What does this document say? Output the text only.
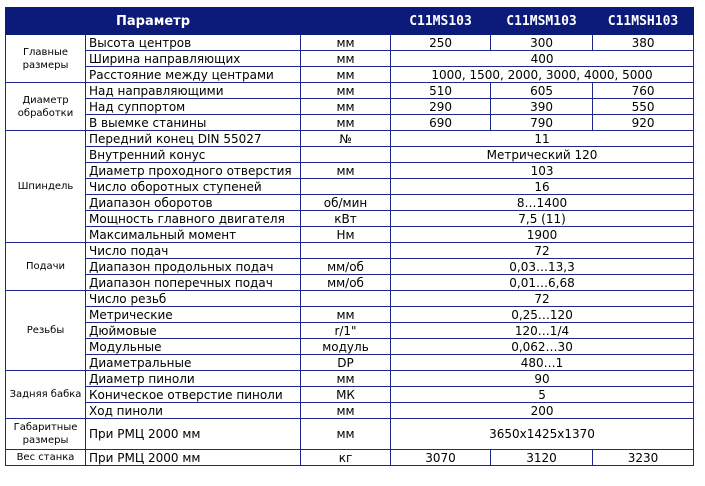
Параметр			C11MS103	C11MSM103	C11MSH103
Главные размеры	Высота центров	мм	250	300	380
	Ширина направляющих	мм	400		
	Расстояние между центрами	мм	1000, 1500, 2000, 3000, 4000, 5000		
Диаметр обработки	Над направляющими	мм	510	605	760
	Над суппортом	мм	290	390	550
	В выемке станины	мм	690	790	920
Шпиндель	Передний конец DIN 55027	№	11		
	Внутренний конус		Метрический 120		
	Диаметр проходного отверстия	мм	103		
	Число оборотных ступеней		16		
	Диапазон оборотов	об/мин	8…1400		
	Мощность главного двигателя	кВт	7,5 (11)		
	Максимальный момент	Нм	1900		
Подачи	Число подач		72		
	Диапазон продольных подач	мм/об	0,03…13,3		
	Диапазон поперечных подач	мм/об	0,01…6,68		
Резьбы	Число резьб		72		
	Метрические	мм	0,25…120		
	Дюймовые	r/1"	120…1/4		
	Модульные	модуль	0,062…30		
	Диаметральные	DP	480…1		
Задняя бабка	Диаметр пиноли	мм	90		
	Коническое отверстие пиноли	МК	5		
	Ход пиноли	мм	200		
Габаритные размеры	При РМЦ 2000 мм	мм	3650x1425x1370		
Вес станка	При РМЦ 2000 мм	кг	3070	3120	3230
